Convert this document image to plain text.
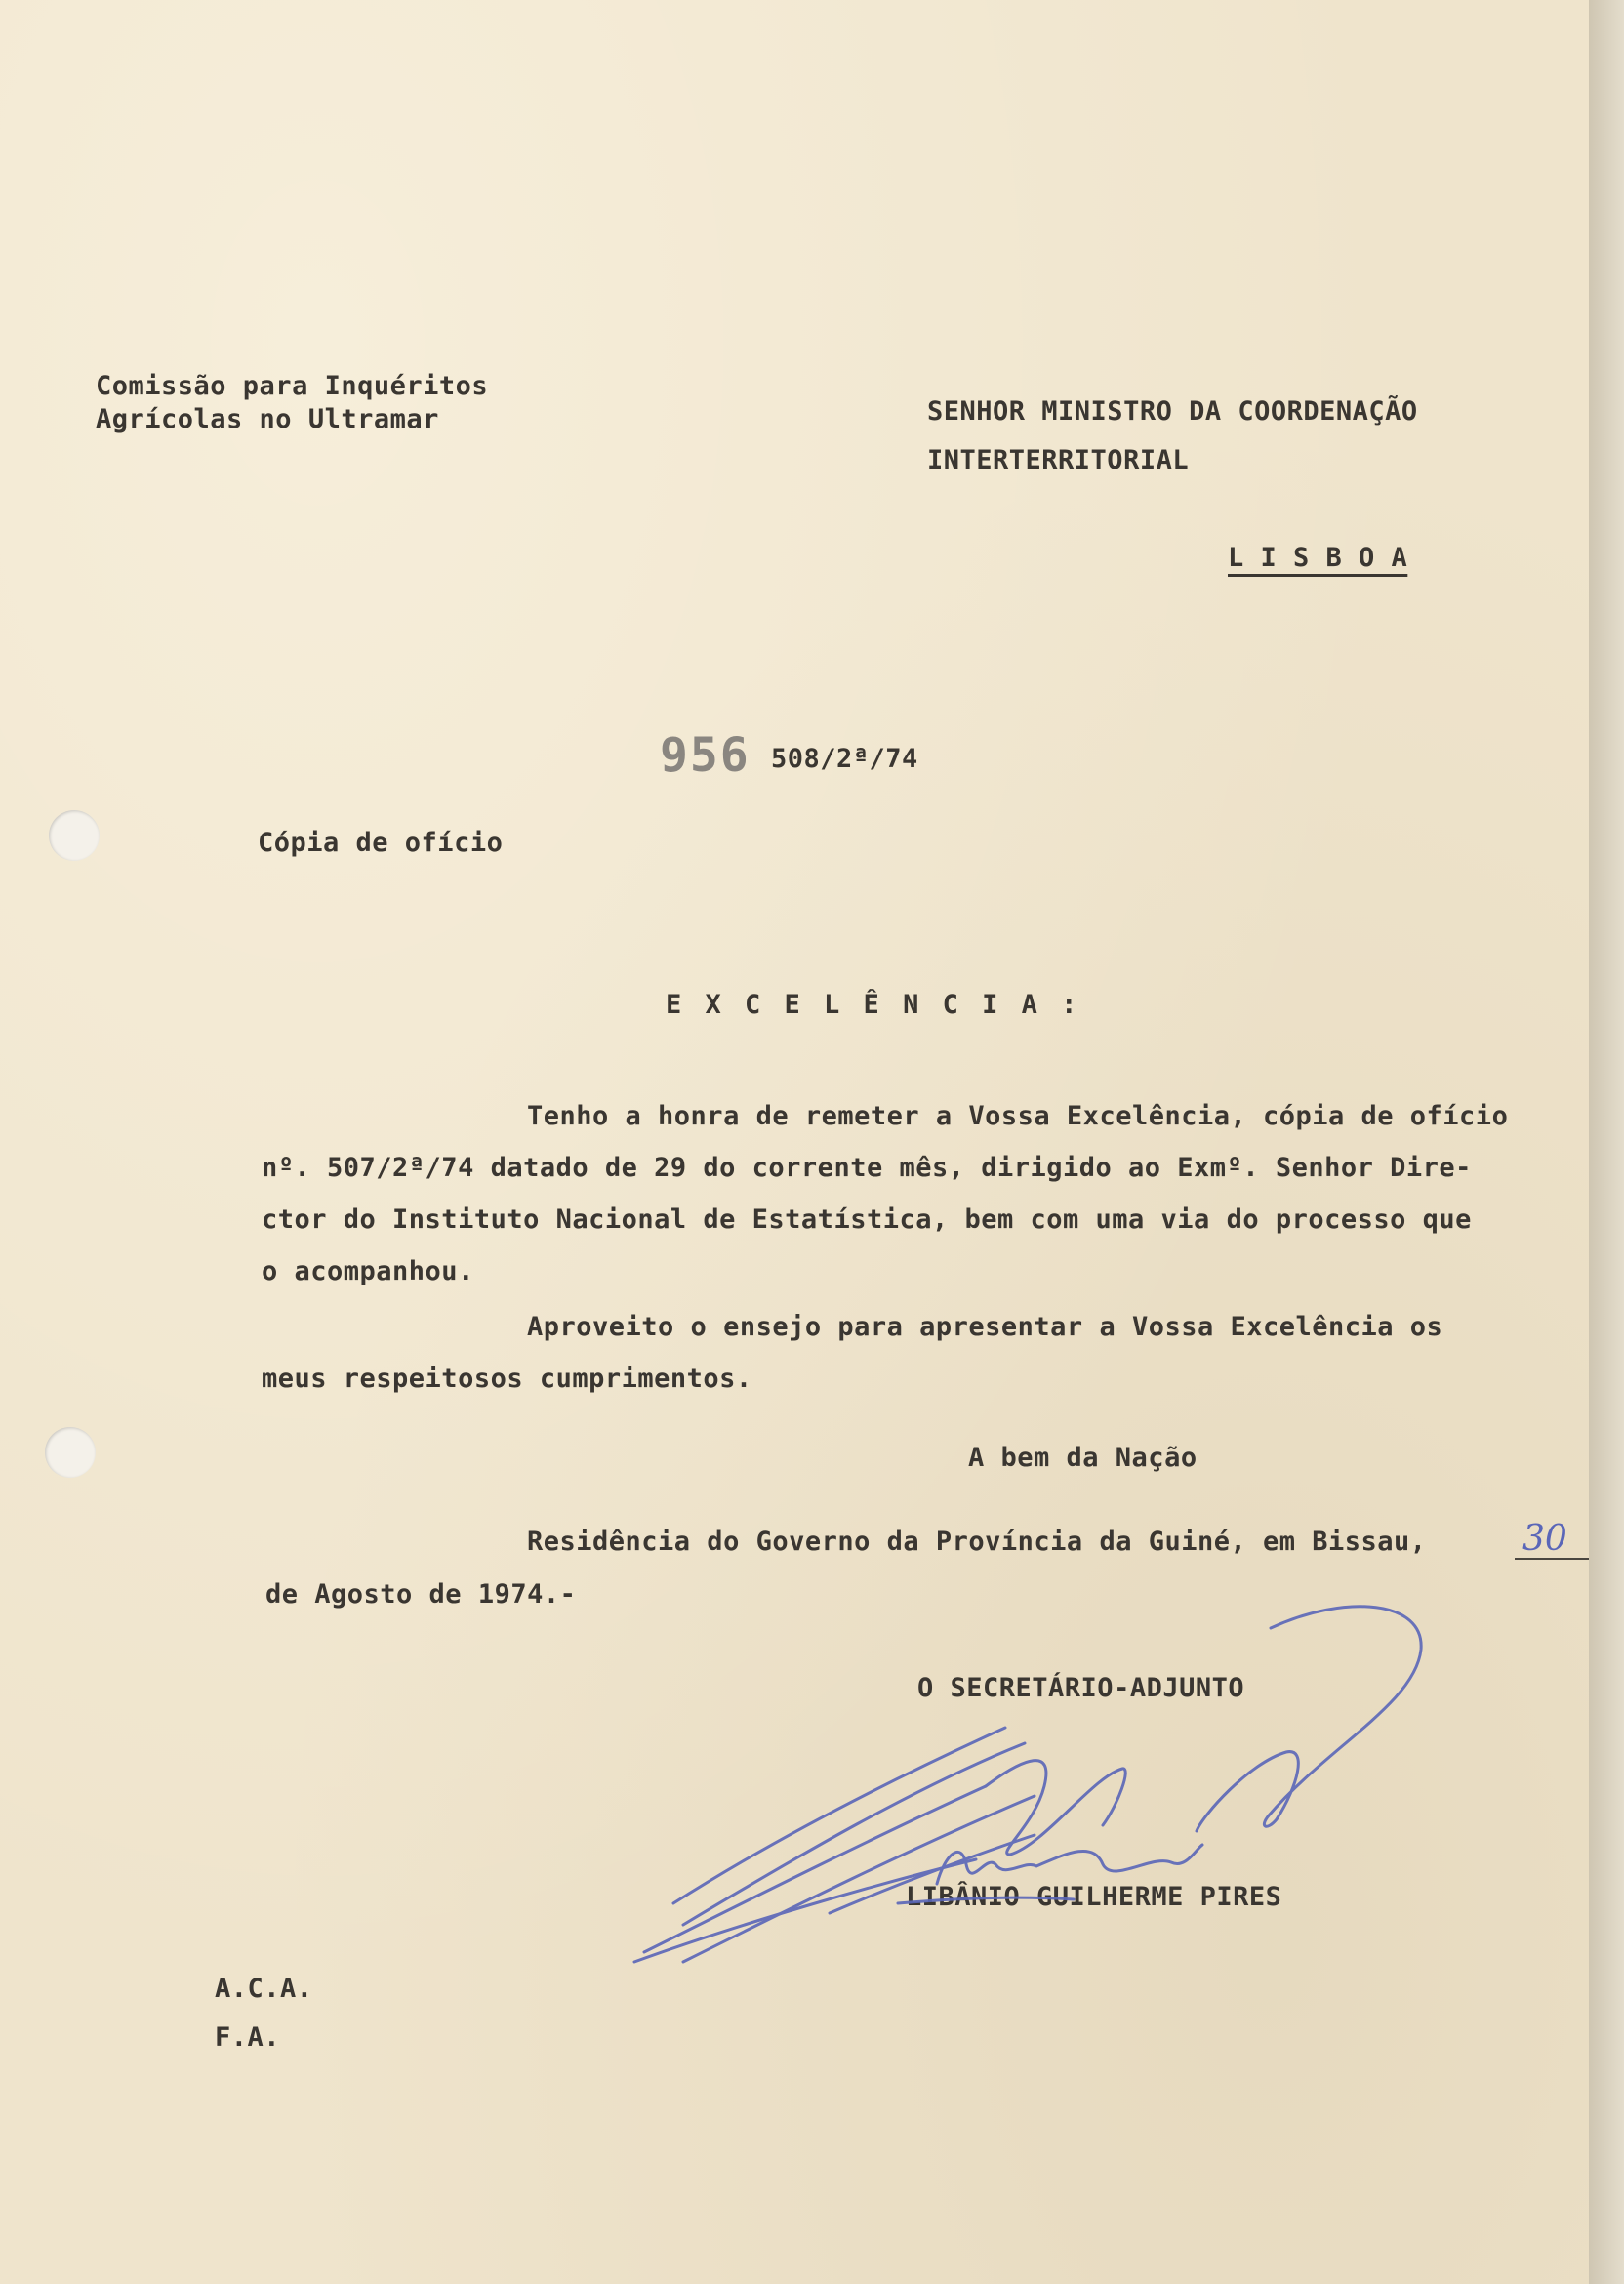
Comissão para Inquéritos
Agrícolas no Ultramar	SENHOR MINISTRO DA COORDENAÇÃO
INTERTERRITORIAL
L I S B O A
956 508/2ª/74
Cópia de ofício
E X C E L Ê N C I A :
Tenho a honra de remeter a Vossa Excelência, cópia de ofício
nº. 507/2ª/74 datado de 29 do corrente mês, dirigido ao Exmº. Senhor Dire-
ctor do Instituto Nacional de Estatística, bem com uma via do processo que
o acompanhou.
Aproveito o ensejo para apresentar a Vossa Excelência os
meus respeitosos cumprimentos.
A bem da Nação
Residência do Governo da Província da Guiné, em Bissau,	30
de Agosto de 1974.-
O SECRETÁRIO-ADJUNTO
LIBÂNIO GUILHERME PIRES
A.C.A.
F.A.
